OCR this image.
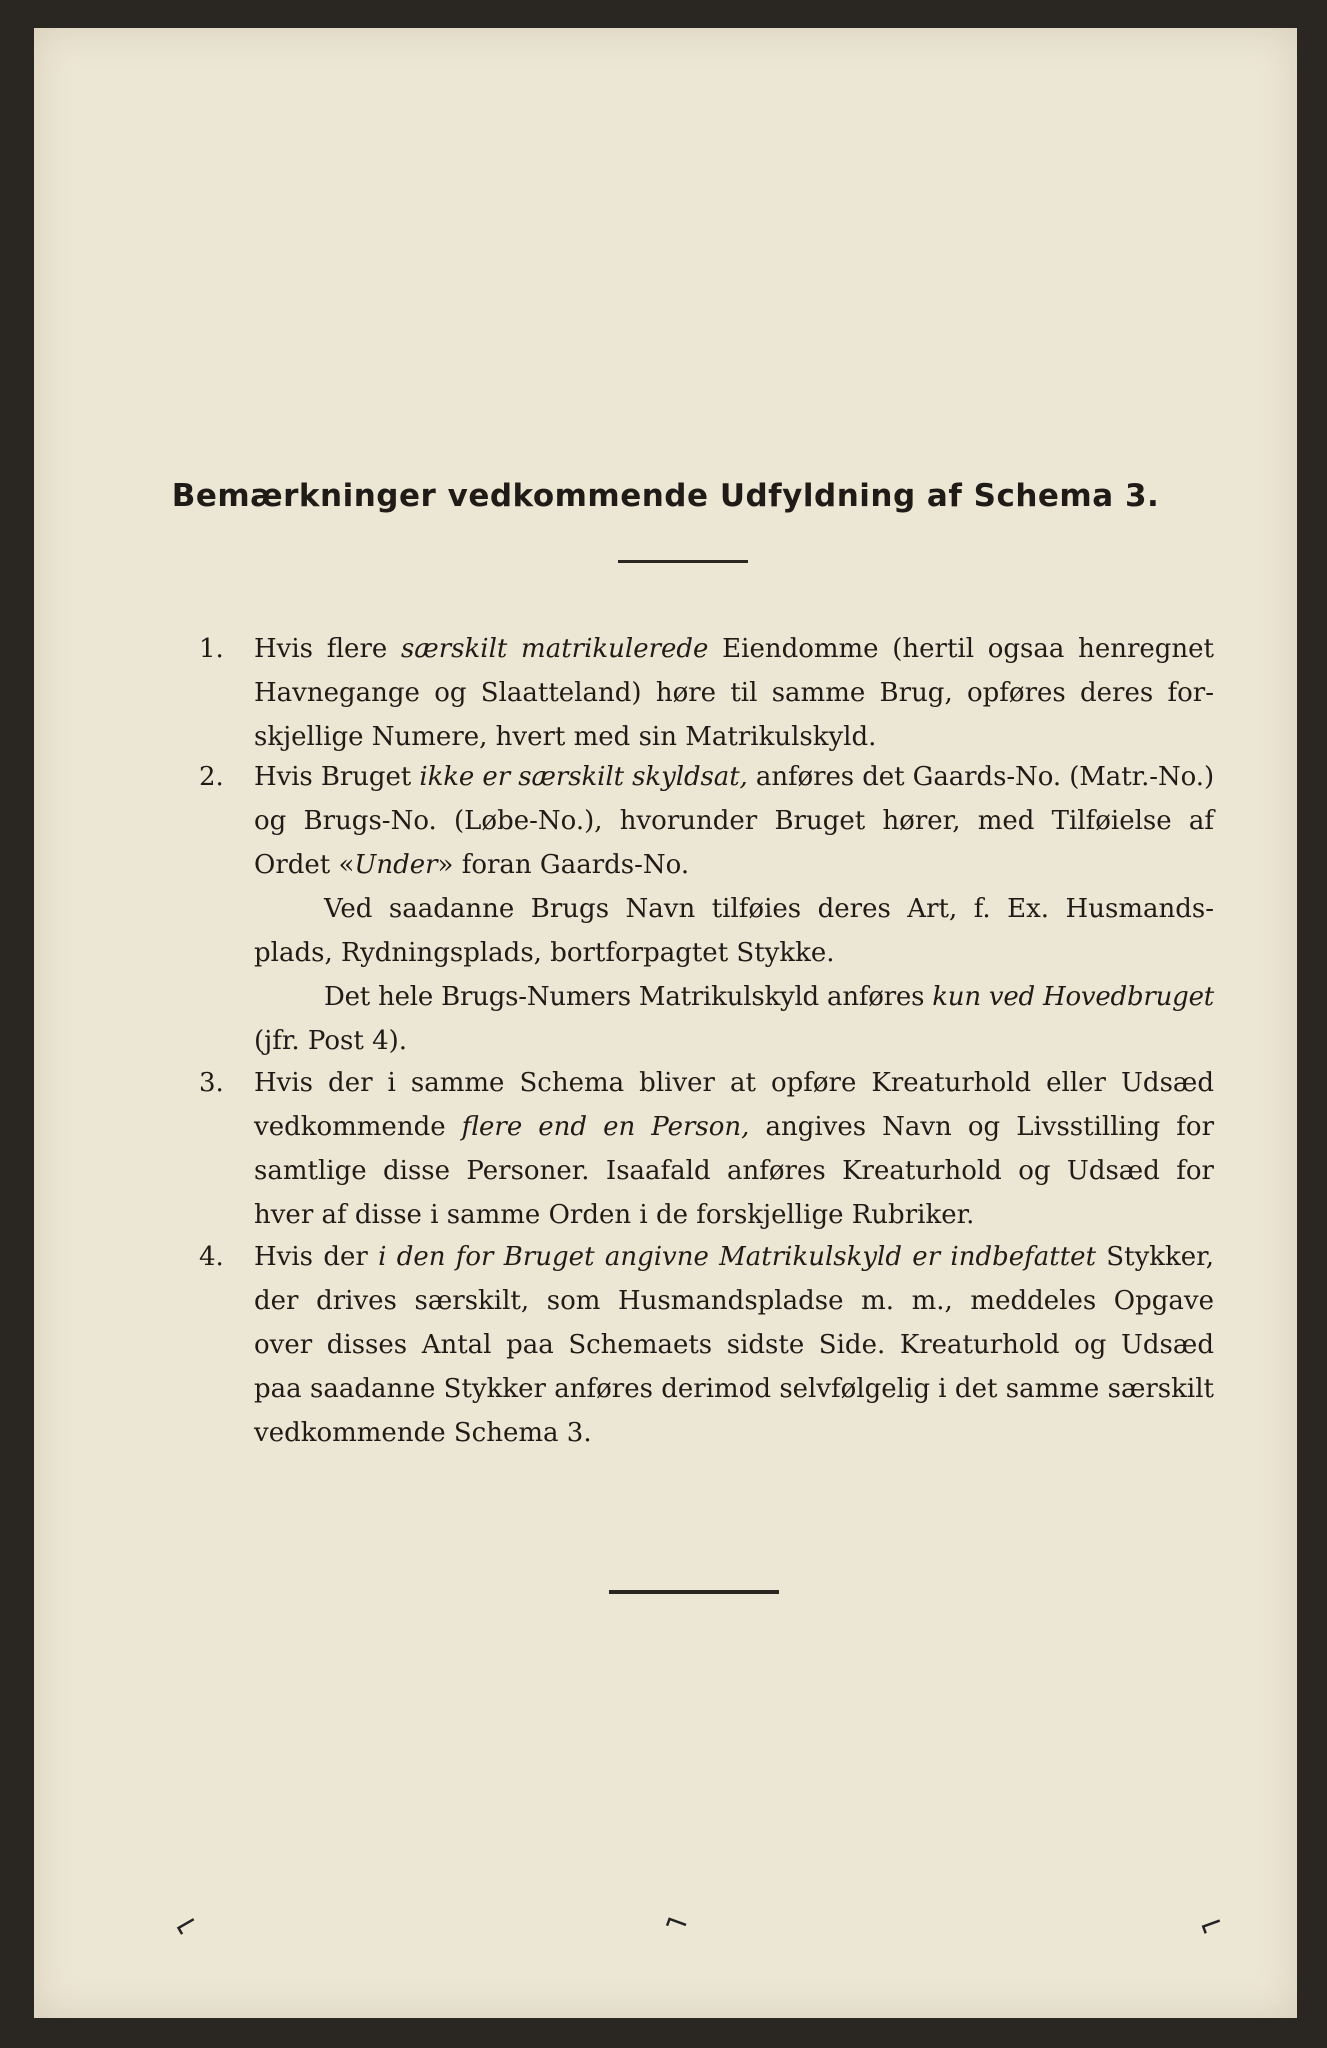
Bemærkninger vedkommende Udfyldning af Schema 3.
1. Hvis flere særskilt matrikulerede Eiendomme (hertil ogsaa henregnet
Havnegange og Slaatteland) høre til samme Brug, opføres deres for-
skjellige Numere, hvert med sin Matrikulskyld.
2. Hvis Bruget ikke er særskilt skyldsat, anføres det Gaards-No. (Matr.-No.)
og Brugs-No. (Løbe-No.), hvorunder Bruget hører, med Tilføielse af
Ordet «Under» foran Gaards-No.
Ved saadanne Brugs Navn tilføies deres Art, f. Ex. Husmands-
plads, Rydningsplads, bortforpagtet Stykke.
Det hele Brugs-Numers Matrikulskyld anføres kun ved Hovedbruget
(jfr. Post 4).
3. Hvis der i samme Schema bliver at opføre Kreaturhold eller Udsæd
vedkommende flere end en Person, angives Navn og Livsstilling for
samtlige disse Personer. Isaafald anføres Kreaturhold og Udsæd for
hver af disse i samme Orden i de forskjellige Rubriker.
4. Hvis der i den for Bruget angivne Matrikulskyld er indbefattet Stykker,
der drives særskilt, som Husmandspladse m. m., meddeles Opgave
over disses Antal paa Schemaets sidste Side. Kreaturhold og Udsæd
paa saadanne Stykker anføres derimod selvfølgelig i det samme særskilt
vedkommende Schema 3.
⌐	⌐	⌐
